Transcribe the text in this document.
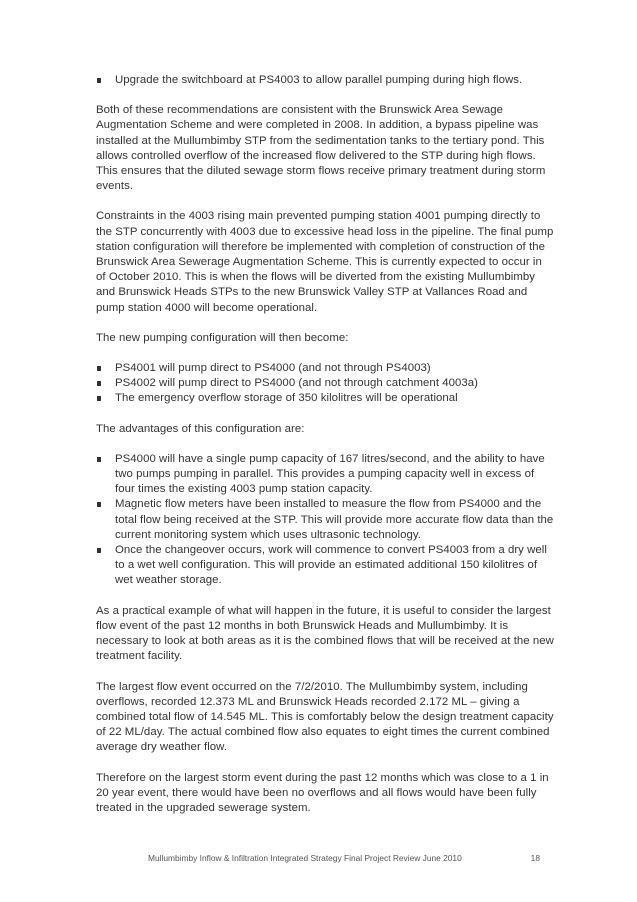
Upgrade the switchboard at PS4003 to allow parallel pumping during high flows.

Both of these recommendations are consistent with the Brunswick Area Sewage Augmentation Scheme and were completed in 2008. In addition, a bypass pipeline was installed at the Mullumbimby STP from the sedimentation tanks to the tertiary pond. This allows controlled overflow of the increased flow delivered to the STP during high flows. This ensures that the diluted sewage storm flows receive primary treatment during storm events.

Constraints in the 4003 rising main prevented pumping station 4001 pumping directly to the STP concurrently with 4003 due to excessive head loss in the pipeline. The final pump station configuration will therefore be implemented with completion of construction of the Brunswick Area Sewerage Augmentation Scheme. This is currently expected to occur in of October 2010. This is when the flows will be diverted from the existing Mullumbimby and Brunswick Heads STPs to the new Brunswick Valley STP at Vallances Road and pump station 4000 will become operational.

The new pumping configuration will then become:

PS4001 will pump direct to PS4000 (and not through PS4003)
PS4002 will pump direct to PS4000 (and not through catchment 4003a)
The emergency overflow storage of 350 kilolitres will be operational

The advantages of this configuration are:

PS4000 will have a single pump capacity of 167 litres/second, and the ability to have two pumps pumping in parallel. This provides a pumping capacity well in excess of four times the existing 4003 pump station capacity.
Magnetic flow meters have been installed to measure the flow from PS4000 and the total flow being received at the STP. This will provide more accurate flow data than the current monitoring system which uses ultrasonic technology.
Once the changeover occurs, work will commence to convert PS4003 from a dry well to a wet well configuration. This will provide an estimated additional 150 kilolitres of wet weather storage.

As a practical example of what will happen in the future, it is useful to consider the largest flow event of the past 12 months in both Brunswick Heads and Mullumbimby. It is necessary to look at both areas as it is the combined flows that will be received at the new treatment facility.

The largest flow event occurred on the 7/2/2010. The Mullumbimby system, including overflows, recorded 12.373 ML and Brunswick Heads recorded 2.172 ML – giving a combined total flow of 14.545 ML. This is comfortably below the design treatment capacity of 22 ML/day. The actual combined flow also equates to eight times the current combined average dry weather flow.

Therefore on the largest storm event during the past 12 months which was close to a 1 in 20 year event, there would have been no overflows and all flows would have been fully treated in the upgraded sewerage system.

Mullumbimby Inflow & Infiltration Integrated Strategy Final Project Review June 2010	18
